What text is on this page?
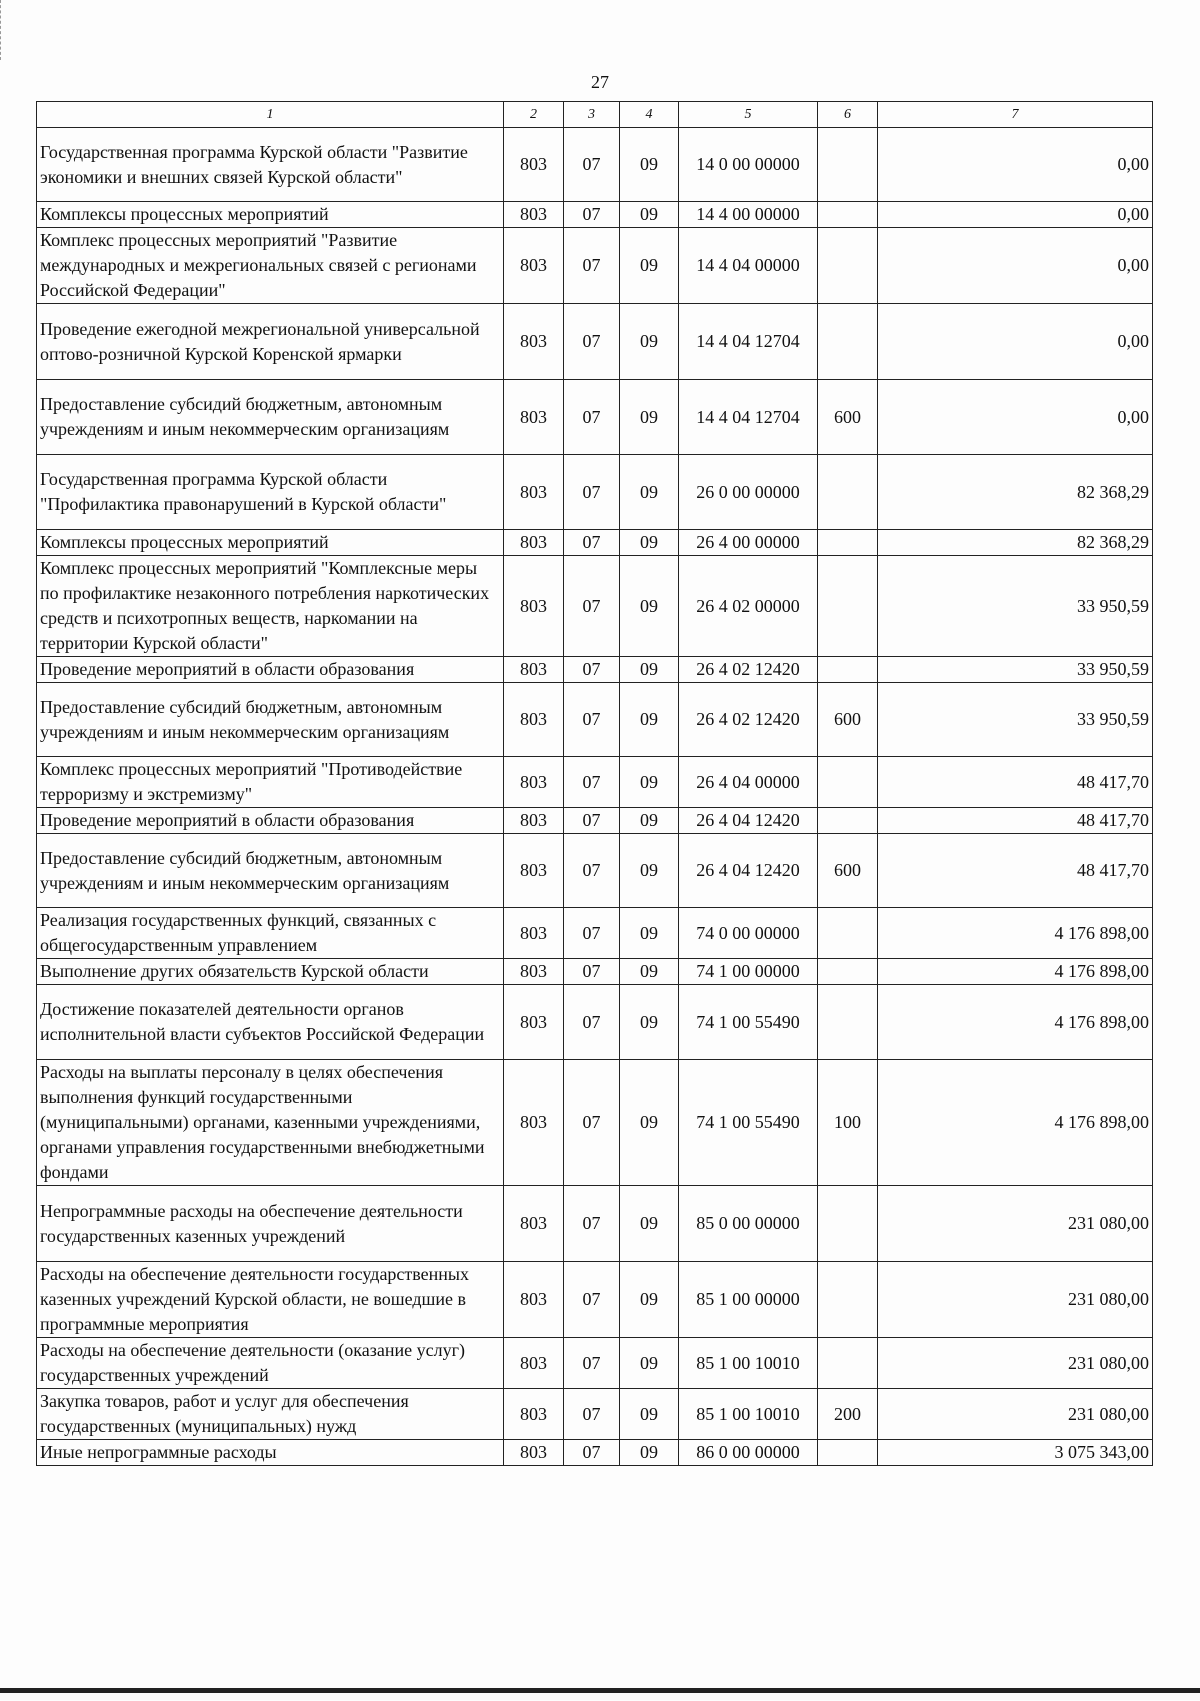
27
1	2	3	4	5	6	7
Государственная программа Курской области "Развитие экономики и внешних связей Курской области"	803	07	09	14 0 00 00000		0,00
Комплексы процессных мероприятий	803	07	09	14 4 00 00000		0,00
Комплекс процессных мероприятий "Развитие международных и межрегиональных связей с регионами Российской Федерации"	803	07	09	14 4 04 00000		0,00
Проведение ежегодной межрегиональной универсальной оптово-розничной Курской Коренской ярмарки	803	07	09	14 4 04 12704		0,00
Предоставление субсидий бюджетным, автономным учреждениям и иным некоммерческим организациям	803	07	09	14 4 04 12704	600	0,00
Государственная программа Курской области "Профилактика правонарушений в Курской области"	803	07	09	26 0 00 00000		82 368,29
Комплексы процессных мероприятий	803	07	09	26 4 00 00000		82 368,29
Комплекс процессных мероприятий "Комплексные меры по профилактике незаконного потребления наркотических средств и психотропных веществ, наркомании на территории Курской области"	803	07	09	26 4 02 00000		33 950,59
Проведение мероприятий в области образования	803	07	09	26 4 02 12420		33 950,59
Предоставление субсидий бюджетным, автономным учреждениям и иным некоммерческим организациям	803	07	09	26 4 02 12420	600	33 950,59
Комплекс процессных мероприятий "Противодействие терроризму и экстремизму"	803	07	09	26 4 04 00000		48 417,70
Проведение мероприятий в области образования	803	07	09	26 4 04 12420		48 417,70
Предоставление субсидий бюджетным, автономным учреждениям и иным некоммерческим организациям	803	07	09	26 4 04 12420	600	48 417,70
Реализация государственных функций, связанных с общегосударственным управлением	803	07	09	74 0 00 00000		4 176 898,00
Выполнение других обязательств Курской области	803	07	09	74 1 00 00000		4 176 898,00
Достижение показателей деятельности органов исполнительной власти субъектов Российской Федерации	803	07	09	74 1 00 55490		4 176 898,00
Расходы на выплаты персоналу в целях обеспечения выполнения функций государственными (муниципальными) органами, казенными учреждениями, органами управления государственными внебюджетными фондами	803	07	09	74 1 00 55490	100	4 176 898,00
Непрограммные расходы на обеспечение деятельности государственных казенных учреждений	803	07	09	85 0 00 00000		231 080,00
Расходы на обеспечение деятельности государственных казенных учреждений Курской области, не вошедшие в программные мероприятия	803	07	09	85 1 00 00000		231 080,00
Расходы на обеспечение деятельности (оказание услуг) государственных учреждений	803	07	09	85 1 00 10010		231 080,00
Закупка товаров, работ и услуг для обеспечения государственных (муниципальных) нужд	803	07	09	85 1 00 10010	200	231 080,00
Иные непрограммные расходы	803	07	09	86 0 00 00000		3 075 343,00
